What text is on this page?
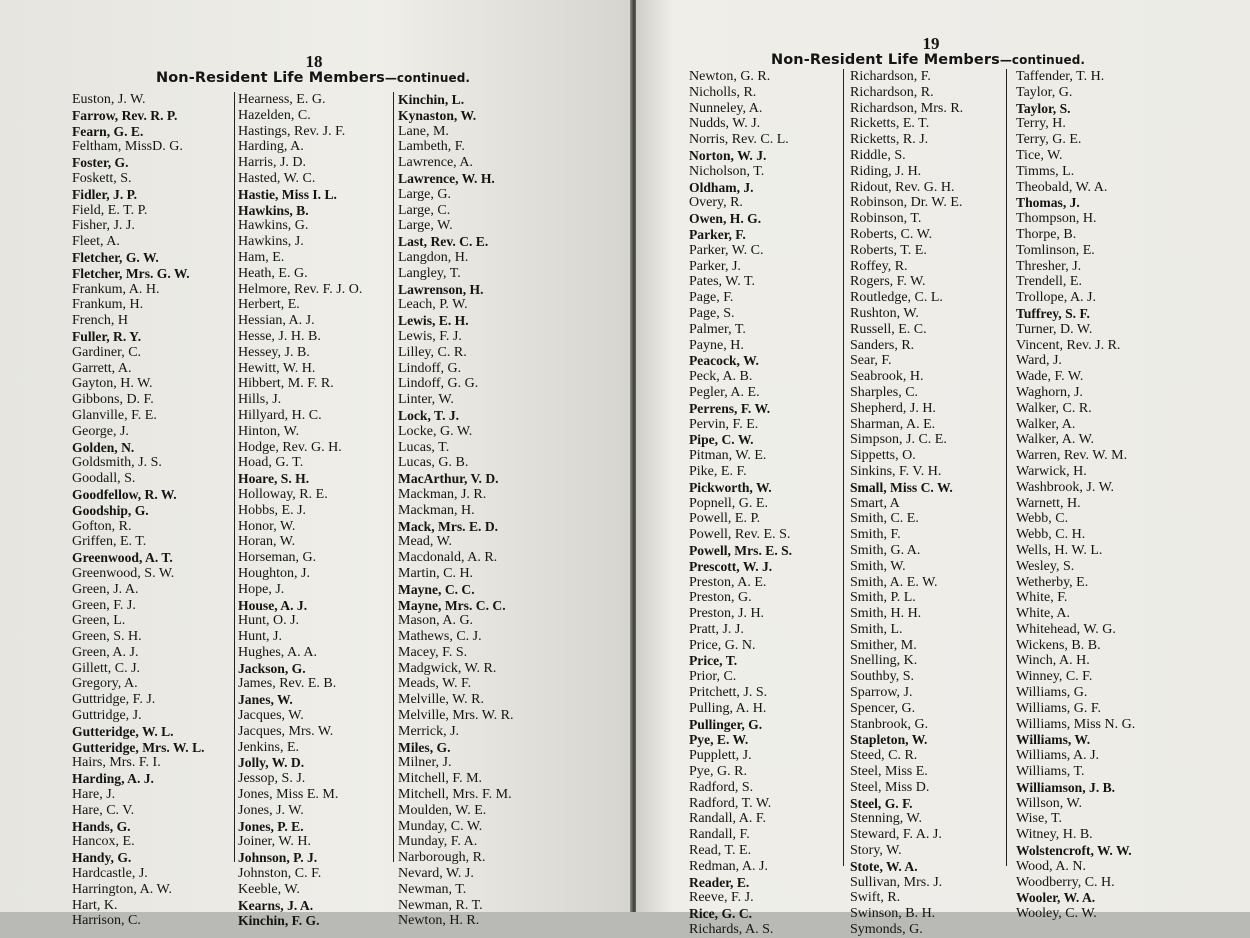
18
Non-Resident Life Members—continued.
Euston, J. W.
Farrow, Rev. R. P.
Fearn, G. E.
Feltham, MissD. G.
Foster, G.
Foskett, S.
Fidler, J. P.
Field, E. T. P.
Fisher, J. J.
Fleet, A.
Fletcher, G. W.
Fletcher, Mrs. G. W.
Frankum, A. H.
Frankum, H.
French, H
Fuller, R. Y.
Gardiner, C.
Garrett, A.
Gayton, H. W.
Gibbons, D. F.
Glanville, F. E.
George, J.
Golden, N.
Goldsmith, J. S.
Goodall, S.
Goodfellow, R. W.
Goodship, G.
Gofton, R.
Griffen, E. T.
Greenwood, A. T.
Greenwood, S. W.
Green, J. A.
Green, F. J.
Green, L.
Green, S. H.
Green, A. J.
Gillett, C. J.
Gregory, A.
Guttridge, F. J.
Guttridge, J.
Gutteridge, W. L.
Gutteridge, Mrs. W. L.
Hairs, Mrs. F. I.
Harding, A. J.
Hare, J.
Hare, C. V.
Hands, G.
Hancox, E.
Handy, G.
Hardcastle, J.
Harrington, A. W.
Hart, K.
Harrison, C.
Hearness, E. G.
Hazelden, C.
Hastings, Rev. J. F.
Harding, A.
Harris, J. D.
Hasted, W. C.
Hastie, Miss I. L.
Hawkins, B.
Hawkins, G.
Hawkins, J.
Ham, E.
Heath, E. G.
Helmore, Rev. F. J. O.
Herbert, E.
Hessian, A. J.
Hesse, J. H. B.
Hessey, J. B.
Hewitt, W. H.
Hibbert, M. F. R.
Hills, J.
Hillyard, H. C.
Hinton, W.
Hodge, Rev. G. H.
Hoad, G. T.
Hoare, S. H.
Holloway, R. E.
Hobbs, E. J.
Honor, W.
Horan, W.
Horseman, G.
Houghton, J.
Hope, J.
House, A. J.
Hunt, O. J.
Hunt, J.
Hughes, A. A.
Jackson, G.
James, Rev. E. B.
Janes, W.
Jacques, W.
Jacques, Mrs. W.
Jenkins, E.
Jolly, W. D.
Jessop, S. J.
Jones, Miss E. M.
Jones, J. W.
Jones, P. E.
Joiner, W. H.
Johnson, P. J.
Johnston, C. F.
Keeble, W.
Kearns, J. A.
Kinchin, F. G.
Kinchin, L.
Kynaston, W.
Lane, M.
Lambeth, F.
Lawrence, A.
Lawrence, W. H.
Large, G.
Large, C.
Large, W.
Last, Rev. C. E.
Langdon, H.
Langley, T.
Lawrenson, H.
Leach, P. W.
Lewis, E. H.
Lewis, F. J.
Lilley, C. R.
Lindoff, G.
Lindoff, G. G.
Linter, W.
Lock, T. J.
Locke, G. W.
Lucas, T.
Lucas, G. B.
MacArthur, V. D.
Mackman, J. R.
Mackman, H.
Mack, Mrs. E. D.
Mead, W.
Macdonald, A. R.
Martin, C. H.
Mayne, C. C.
Mayne, Mrs. C. C.
Mason, A. G.
Mathews, C. J.
Macey, F. S.
Madgwick, W. R.
Meads, W. F.
Melville, W. R.
Melville, Mrs. W. R.
Merrick, J.
Miles, G.
Milner, J.
Mitchell, F. M.
Mitchell, Mrs. F. M.
Moulden, W. E.
Munday, C. W.
Munday, F. A.
Narborough, R.
Nevard, W. J.
Newman, T.
Newman, R. T.
Newton, H. R.
19
Non-Resident Life Members—continued.
Newton, G. R.
Nicholls, R.
Nunneley, A.
Nudds, W. J.
Norris, Rev. C. L.
Norton, W. J.
Nicholson, T.
Oldham, J.
Overy, R.
Owen, H. G.
Parker, F.
Parker, W. C.
Parker, J.
Pates, W. T.
Page, F.
Page, S.
Palmer, T.
Payne, H.
Peacock, W.
Peck, A. B.
Pegler, A. E.
Perrens, F. W.
Pervin, F. E.
Pipe, C. W.
Pitman, W. E.
Pike, E. F.
Pickworth, W.
Popnell, G. E.
Powell, E. P.
Powell, Rev. E. S.
Powell, Mrs. E. S.
Prescott, W. J.
Preston, A. E.
Preston, G.
Preston, J. H.
Pratt, J. J.
Price, G. N.
Price, T.
Prior, C.
Pritchett, J. S.
Pulling, A. H.
Pullinger, G.
Pye, E. W.
Pupplett, J.
Pye, G. R.
Radford, S.
Radford, T. W.
Randall, A. F.
Randall, F.
Read, T. E.
Redman, A. J.
Reader, E.
Reeve, F. J.
Rice, G. C.
Richards, A. S.
Richardson, F.
Richardson, R.
Richardson, Mrs. R.
Ricketts, E. T.
Ricketts, R. J.
Riddle, S.
Riding, J. H.
Ridout, Rev. G. H.
Robinson, Dr. W. E.
Robinson, T.
Roberts, C. W.
Roberts, T. E.
Roffey, R.
Rogers, F. W.
Routledge, C. L.
Rushton, W.
Russell, E. C.
Sanders, R.
Sear, F.
Seabrook, H.
Sharples, C.
Shepherd, J. H.
Sharman, A. E.
Simpson, J. C. E.
Sippetts, O.
Sinkins, F. V. H.
Small, Miss C. W.
Smart, A
Smith, C. E.
Smith, F.
Smith, G. A.
Smith, W.
Smith, A. E. W.
Smith, P. L.
Smith, H. H.
Smith, L.
Smither, M.
Snelling, K.
Southby, S.
Sparrow, J.
Spencer, G.
Stanbrook, G.
Stapleton, W.
Steed, C. R.
Steel, Miss E.
Steel, Miss D.
Steel, G. F.
Stenning, W.
Steward, F. A. J.
Story, W.
Stote, W. A.
Sullivan, Mrs. J.
Swift, R.
Swinson, B. H.
Symonds, G.
Taffender, T. H.
Taylor, G.
Taylor, S.
Terry, H.
Terry, G. E.
Tice, W.
Timms, L.
Theobald, W. A.
Thomas, J.
Thompson, H.
Thorpe, B.
Tomlinson, E.
Thresher, J.
Trendell, E.
Trollope, A. J.
Tuffrey, S. F.
Turner, D. W.
Vincent, Rev. J. R.
Ward, J.
Wade, F. W.
Waghorn, J.
Walker, C. R.
Walker, A.
Walker, A. W.
Warren, Rev. W. M.
Warwick, H.
Washbrook, J. W.
Warnett, H.
Webb, C.
Webb, C. H.
Wells, H. W. L.
Wesley, S.
Wetherby, E.
White, F.
White, A.
Whitehead, W. G.
Wickens, B. B.
Winch, A. H.
Winney, C. F.
Williams, G.
Williams, G. F.
Williams, Miss N. G.
Williams, W.
Williams, A. J.
Williams, T.
Williamson, J. B.
Willson, W.
Wise, T.
Witney, H. B.
Wolstencroft, W. W.
Wood, A. N.
Woodberry, C. H.
Wooler, W. A.
Wooley, C. W.
